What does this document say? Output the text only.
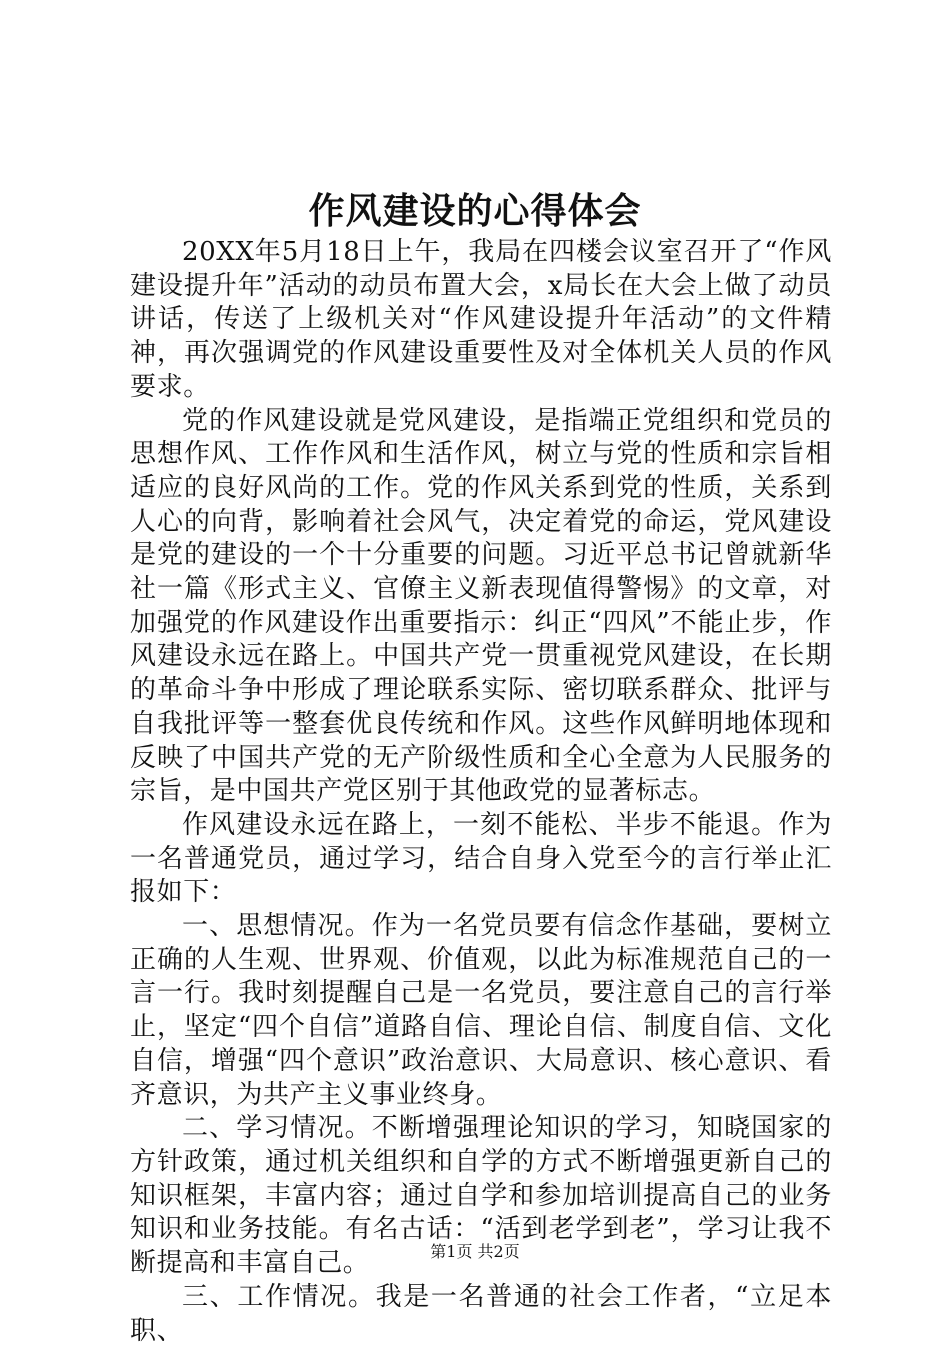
作风建设的心得体会

20XX年5月18日上午，我局在四楼会议室召开了“作风建设提升年”活动的动员布置大会，x局长在大会上做了动员讲话，传送了上级机关对“作风建设提升年活动”的文件精神，再次强调党的作风建设重要性及对全体机关人员的作风要求。

党的作风建设就是党风建设，是指端正党组织和党员的思想作风、工作作风和生活作风，树立与党的性质和宗旨相适应的良好风尚的工作。党的作风关系到党的性质，关系到人心的向背，影响着社会风气，决定着党的命运，党风建设是党的建设的一个十分重要的问题。习近平总书记曾就新华社一篇《形式主义、官僚主义新表现值得警惕》的文章，对加强党的作风建设作出重要指示：纠正“四风”不能止步，作风建设永远在路上。中国共产党一贯重视党风建设，在长期的革命斗争中形成了理论联系实际、密切联系群众、批评与自我批评等一整套优良传统和作风。这些作风鲜明地体现和反映了中国共产党的无产阶级性质和全心全意为人民服务的宗旨，是中国共产党区别于其他政党的显著标志。

作风建设永远在路上，一刻不能松、半步不能退。作为一名普通党员，通过学习，结合自身入党至今的言行举止汇报如下：

一、思想情况。作为一名党员要有信念作基础，要树立正确的人生观、世界观、价值观，以此为标准规范自己的一言一行。我时刻提醒自己是一名党员，要注意自己的言行举止，坚定“四个自信”道路自信、理论自信、制度自信、文化自信，增强“四个意识”政治意识、大局意识、核心意识、看齐意识，为共产主义事业终身。

二、学习情况。不断增强理论知识的学习，知晓国家的方针政策，通过机关组织和自学的方式不断增强更新自己的知识框架，丰富内容；通过自学和参加培训提高自己的业务知识和业务技能。有名古话：“活到老学到老”，学习让我不断提高和丰富自己。

三、工作情况。我是一名普通的社会工作者，“立足本职、

第1页 共2页
